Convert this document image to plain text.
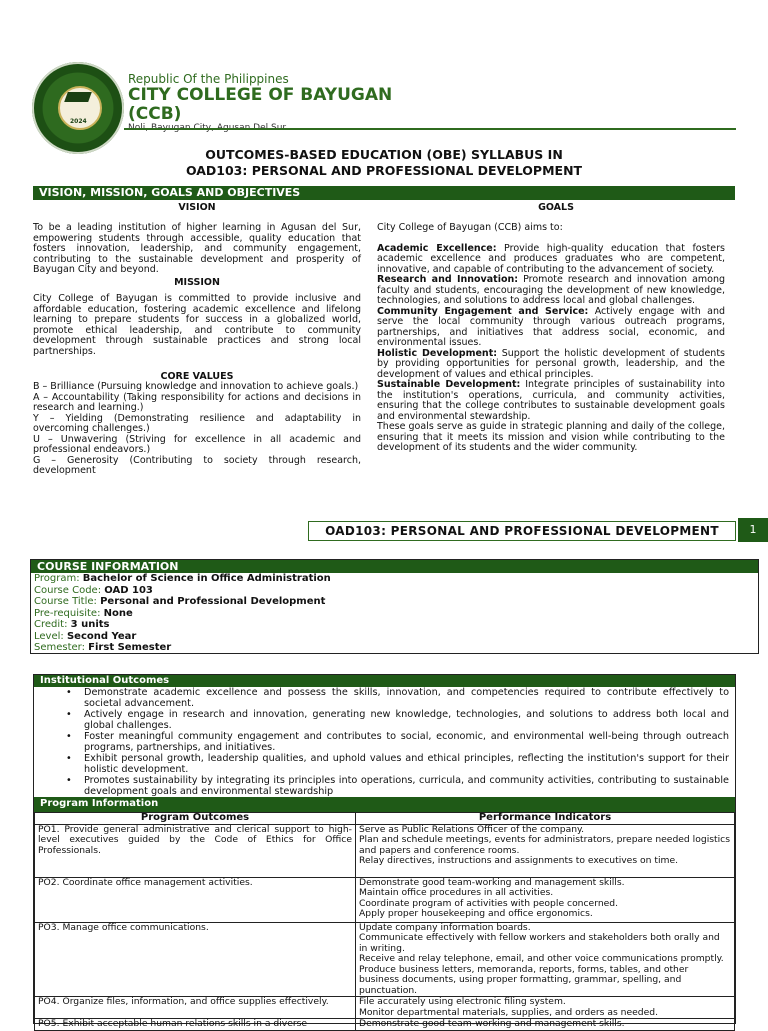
2024
Republic Of the Philippines
CITY COLLEGE OF BAYUGAN
(CCB)
OUTCOMES-BASED EDUCATION (OBE) SYLLABUS IN
OAD103: PERSONAL AND PROFESSIONAL DEVELOPMENT
VISION, MISSION, GOALS AND OBJECTIVES
VISION
To be a leading institution of higher learning in Agusan del Sur, empowering students through accessible, quality education that fosters innovation, leadership, and community engagement, contributing to the sustainable development and prosperity of Bayugan City and beyond.
MISSION
City College of Bayugan is committed to provide inclusive and affordable education, fostering academic excellence and lifelong learning to prepare students for success in a globalized world, promote ethical leadership, and contribute to community development through sustainable practices and strong local partnerships.
CORE VALUES
B – Brilliance (Pursuing knowledge and innovation to achieve goals.)
A – Accountability (Taking responsibility for actions and decisions in research and learning.)
Y – Yielding (Demonstrating resilience and adaptability in overcoming challenges.)
U – Unwavering (Striving for excellence in all academic and professional endeavors.)
G – Generosity (Contributing to society through research, development
GOALS
City College of Bayugan (CCB) aims to:
Academic Excellence: Provide high-quality education that fosters academic excellence and produces graduates who are competent, innovative, and capable of contributing to the advancement of society.
Research and Innovation: Promote research and innovation among faculty and students, encouraging the development of new knowledge, technologies, and solutions to address local and global challenges.
Community Engagement and Service: Actively engage with and serve the local community through various outreach programs, partnerships, and initiatives that address social, economic, and environmental issues.
Holistic Development: Support the holistic development of students by providing opportunities for personal growth, leadership, and the development of values and ethical principles.
Sustainable Development: Integrate principles of sustainability into the institution's operations, curricula, and community activities, ensuring that the college contributes to sustainable development goals and environmental stewardship.
These goals serve as guide in strategic planning and daily of the college, ensuring that it meets its mission and vision while contributing to the development of its students and the wider community.
OAD103: PERSONAL AND PROFESSIONAL DEVELOPMENT	1
COURSE INFORMATION
Program: Bachelor of Science in Office Administration
Course Code: OAD 103
Course Title: Personal and Professional Development
Pre-requisite: None
Credit: 3 units
Level: Second Year
Semester: First Semester
Institutional Outcomes
• Demonstrate academic excellence and possess the skills, innovation, and competencies required to contribute effectively to societal advancement.
• Actively engage in research and innovation, generating new knowledge, technologies, and solutions to address both local and global challenges.
• Foster meaningful community engagement and contributes to social, economic, and environmental well-being through outreach programs, partnerships, and initiatives.
• Exhibit personal growth, leadership qualities, and uphold values and ethical principles, reflecting the institution's support for their holistic development.
• Promotes sustainability by integrating its principles into operations, curricula, and community activities, contributing to sustainable development goals and environmental stewardship
Program Information
Program Outcomes	Performance Indicators
PO1. Provide general administrative and clerical support to high-level executives guided by the Code of Ethics for Office Professionals.	Serve as Public Relations Officer of the company.
Plan and schedule meetings, events for administrators, prepare needed logistics and papers and conference rooms.
Relay directives, instructions and assignments to executives on time.

PO2. Coordinate office management activities.	Demonstrate good team-working and management skills.
Maintain office procedures in all activities.
Coordinate program of activities with people concerned.
Apply proper housekeeping and office ergonomics.

PO3. Manage office communications.	Update company information boards.
Communicate effectively with fellow workers and stakeholders both orally and in writing.
Receive and relay telephone, email, and other voice communications promptly.
Produce business letters, memoranda, reports, forms, tables, and other business documents, using proper formatting, grammar, spelling, and punctuation.

PO4. Organize files, information, and office supplies effectively.	File accurately using electronic filing system.
Monitor departmental materials, supplies, and orders as needed.

PO5. Exhibit acceptable human relations skills in a diverse	Demonstrate good team-working and management skills.
